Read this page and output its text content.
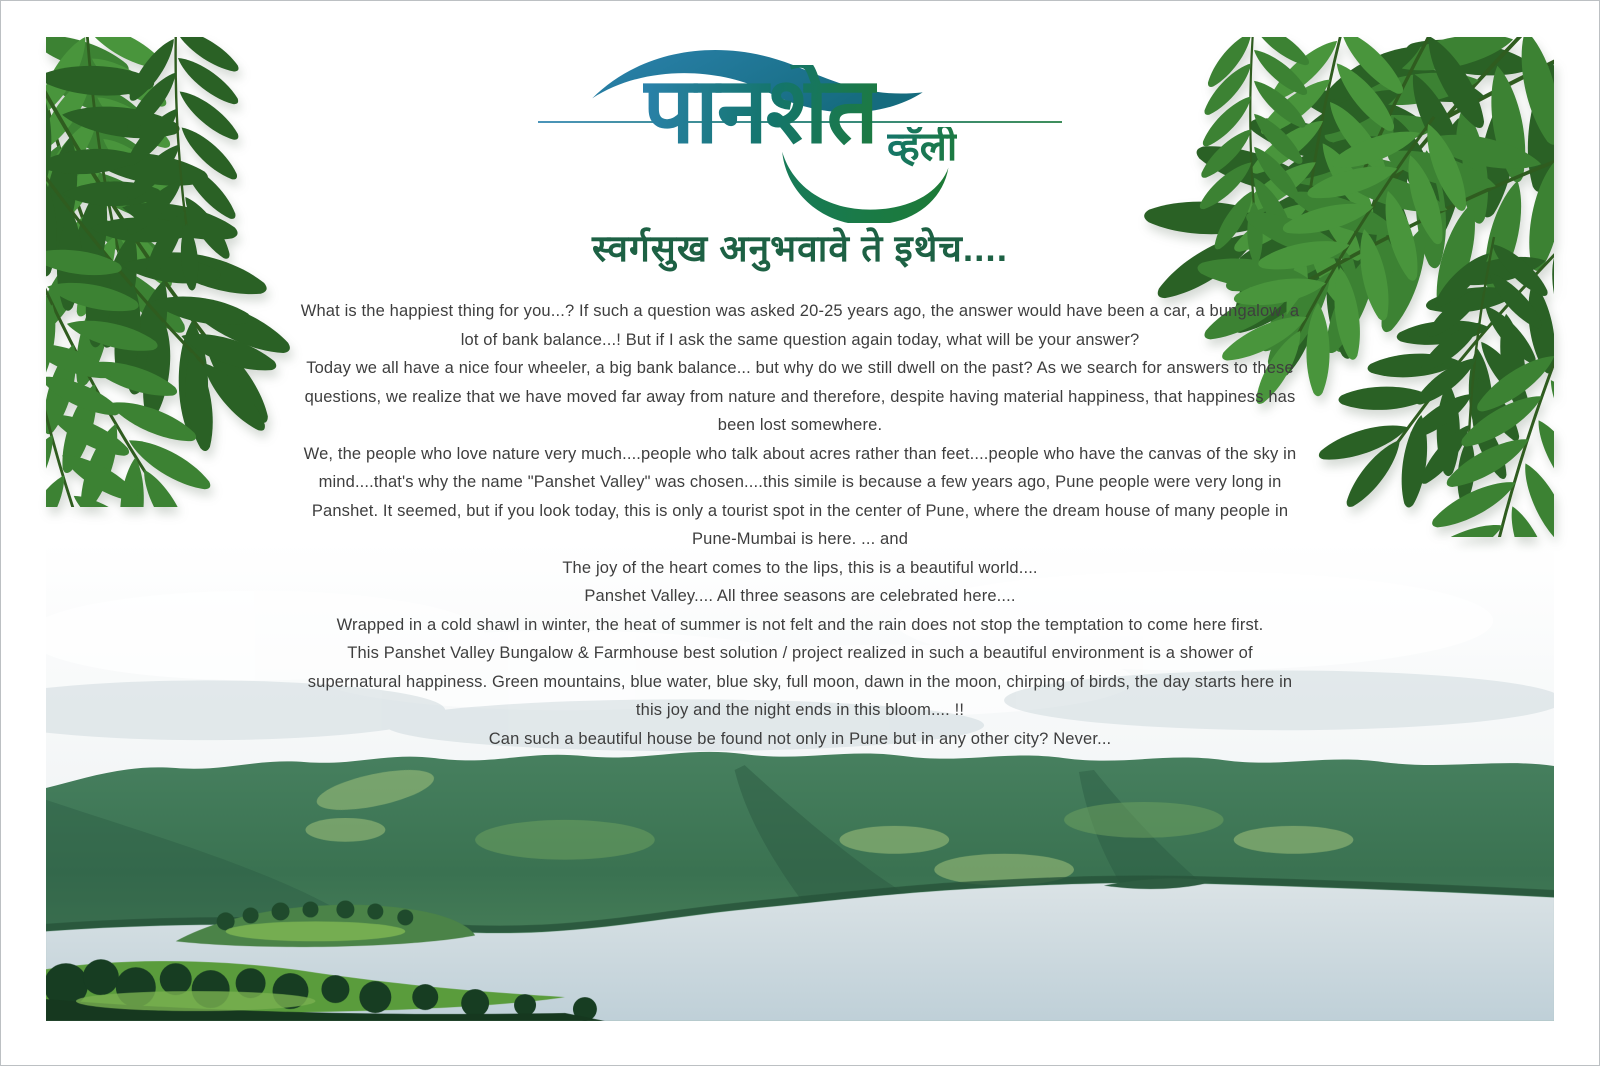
पानशेत व्हॅली
स्वर्गसुख अनुभवावे ते इथेच....
What is the happiest thing for you...? If such a question was asked 20-25 years ago, the answer would have been a car, a bungalow, a
lot of bank balance...! But if I ask the same question again today, what will be your answer?
Today we all have a nice four wheeler, a big bank balance... but why do we still dwell on the past? As we search for answers to these
questions, we realize that we have moved far away from nature and therefore, despite having material happiness, that happiness has
been lost somewhere.
We, the people who love nature very much....people who talk about acres rather than feet....people who have the canvas of the sky in
mind....that's why the name "Panshet Valley" was chosen....this simile is because a few years ago, Pune people were very long in
Panshet. It seemed, but if you look today, this is only a tourist spot in the center of Pune, where the dream house of many people in
Pune-Mumbai is here. ... and
The joy of the heart comes to the lips, this is a beautiful world....
Panshet Valley.... All three seasons are celebrated here....
Wrapped in a cold shawl in winter, the heat of summer is not felt and the rain does not stop the temptation to come here first.
This Panshet Valley Bungalow & Farmhouse best solution / project realized in such a beautiful environment is a shower of
supernatural happiness. Green mountains, blue water, blue sky, full moon, dawn in the moon, chirping of birds, the day starts here in
this joy and the night ends in this bloom.... !!
Can such a beautiful house be found not only in Pune but in any other city? Never...
